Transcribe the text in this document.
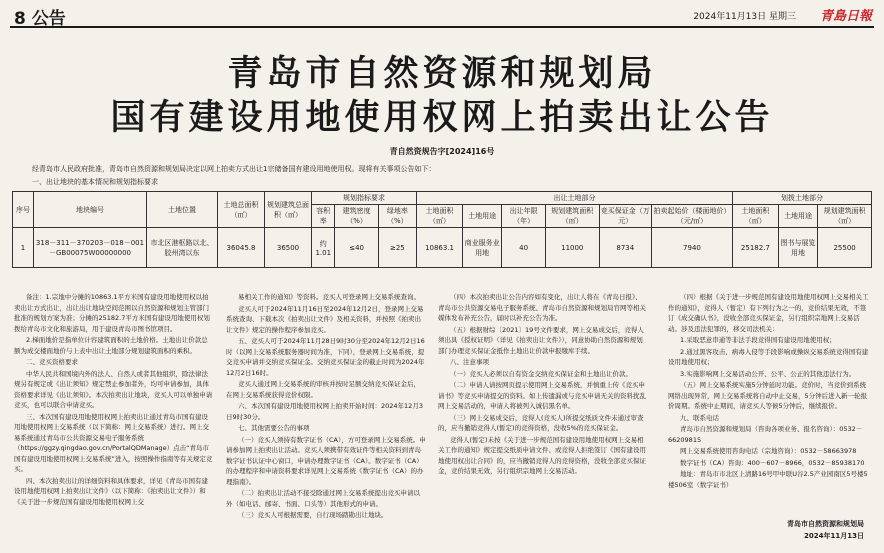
8 公告	2024年11月13日 星期三 青島日報
青岛市自然资源和规划局
国有建设用地使用权网上拍卖出让公告
青自然资规告字[2024]16号
经青岛市人民政府批准，青岛市自然资源和规划局决定以网上拍卖方式出让1宗储备国有建设用地使用权。现将有关事项公告如下：
一、出让地块的基本情况和规划指标要求
序号	地块编号	土地位置	土地总面积（㎡）	规划建筑总面积（㎡）	规划指标要求			出让土地部分						划拨土地部分		
					容积率	建筑密度（%）	绿地率（%）	土地面积（㎡）	土地用途	出让年限（年）	规划建筑面积（㎡）	竞买保证金（万元）	拍卖起始价（楼面地价）（元/㎡）	土地面积（㎡）	土地用途	规划建筑面积（㎡）
1	318－311－370203－018－001－GB00075W00000000	市北区港枢路以北、胶州湾以东	36045.8	36500	约1.01	≤40	≥25	10863.1	商业服务业用地	40	11000	8734	7940	25182.7	图书与展览用地	25500

备注：1.宗地中分摊的10863.1平方米国有建设用地使用权以拍卖出让方式出让，出让出让地块空间范围以自然资源和规划主管部门批准的规划方案为准；分摊的25182.7平方米国有建设用地使用权划拨给青岛市文化和旅游局，用于建设青岛市图书馆项目。

2.梯面地价是指单位计容建筑面积的土地价格。土地出让价款总额为成交楼面地价与上表中出让土地部分规划建筑面积的乘积。

二、竞买资格要求

中华人民共和国境内外的法人、自然人或者其他组织，除法律法规另有规定或《出让须知》规定禁止参加者外，均可申请参加，具体资格要求详见《出让须知》。本次拍卖出让地块，竞买人可以单独申请竞买，也可以联合申请竞买。

三、本次国有建设用地使用权网上拍卖出让通过青岛市国有建设用地使用权网上交易系统（以下简称：网上交易系统）进行。网上交易系统通过青岛市公共资源交易电子服务系统（https://ggzy.qingdao.gov.cn/PortalQDManage）点击“青岛市国有建设用地使用权网上交易系统”进入，按照操作指南等有关规定竞买。

四、本次拍卖出让的详细资料和具体要求，详见《青岛市国有建设用地使用权网上拍卖出让文件》（以下简称：《拍卖出让文件》）和《关于进一步规范国有建设用地使用权网上交

易相关工作的通知》等资料。竞买人可登录网上交易系统查询。

竞买人可于2024年11月16日至2024年12月2日，登录网上交易系统查询、下载本次《拍卖出让文件》及相关资料，并按照《拍卖出让文件》规定的操作程序参加竞买。

五、竞买人可于2024年11月28日9时30分至2024年12月2日16时（以网上交易系统服务器时间为准，下同），登录网上交易系统，提交竞买申请并交纳竞买保证金。交纳竞买保证金的截止时间为2024年12月2日16时。

竞买人通过网上交易系统的审核并按时足额交纳竞买保证金后，在网上交易系统获得竞价权限。

六、本次国有建设用地使用权网上拍卖开始时间：2024年12月3日9时30分。

七、其他需要公告的事项

（一）竞买人须持有数字证书（CA），方可登录网上交易系统。申请参加网上拍卖出让活动。竞买人须携带有效证件等相关资料到青岛数字证书认证中心窗口，申请办理数字证书（CA）。数字证书（CA）的办理程序和申请资料要求详见网上交易系统《数字证书（CA）的办理指南》。

（二）拍卖出让活动不接受除通过网上交易系统提出竞买申请以外（如电话、邮寄、书面、口头等）其他形式的申请。

（三）竞买人可根据需要，自行现场踏勘出让地块。

（四）本次拍卖出让公告内容如有变化，出让人将在《青岛日报》、青岛市公共资源交易电子服务系统、青岛市自然资源和规划局官网等相关媒体发布补充公告，届时以补充公告为准。

（五）根据财综〔2021〕19号文件要求，网上交易成交后，竞得人须出具《授权证明》（详见《拍卖出让文件》），同意协助自然资源和规划部门办理竞买保证金抵作土地出让价款申报缴库手续。

八、注意事项

（一）竞买人必须以自有资金交纳竞买保证金和土地出让价款。

（二）申请人请按网页提示使用网上交易系统，并慎重上传《竞买申请书》等竞买申请提交的资料。如上传遗漏或与竞买申请无关的资料扰乱网上交易活动的，申请人将被列入诚信黑名单。

（三）网上交易成交后，竞得人(竞买人)所提交纸质文件未通过审查的，应当撤销竞得人(暂定)的竞得资格，没收5%的竞买保证金。

竞得人(暂定)未按《关于进一步规范国有建设用地使用权网上交易相关工作的通知》规定提交纸质申请文件、或竞得人拒绝签订《国有建设用地使用权出让合同》的，应当撤销竞得人的竞得资格，没收全部竞买保证金，竞价结果无效，另行组织宗地网上交易活动。

（四）根据《关于进一步规范国有建设用地使用权网上交易相关工作的通知》，竞得人（暂定）有下列行为之一的，竞价结果无效，不签订《成交确认书》，没收全部竞买保证金，另行组织宗地网上交易活动。涉及违法犯罪的，移交司法机关：

1.采取恶意串通等非法手段竞得国有建设用地使用权；

2.通过黑客攻击、病毒入侵等手段影响或操纵交易系统竞得国有建设用地使用权；

3.实施影响网上交易活动公开、公平、公正的其他违法行为。

（五）网上交易系统实施5分钟延时功能。竞价时，当竞价到系统网络出现异常，网上交易系统将自动中止交易，5分钟后进入新一轮报价周期。系统中止期间，请竞买人等候5分钟后，继续报价。

九、联系电话

青岛市自然资源和规划局（咨询各项业务、报名咨询）：0532－66209815

网上交易系统使用咨询电话（宗地咨询）：0532－58663978

数字证书（CA）咨询：400－607－8966，0532－85938170

地址：青岛市市北区上清路16号甲中联U谷2.5产业园南区5号楼5楼506室（数字证书）

青岛市自然资源和规划局
2024年11月13日
